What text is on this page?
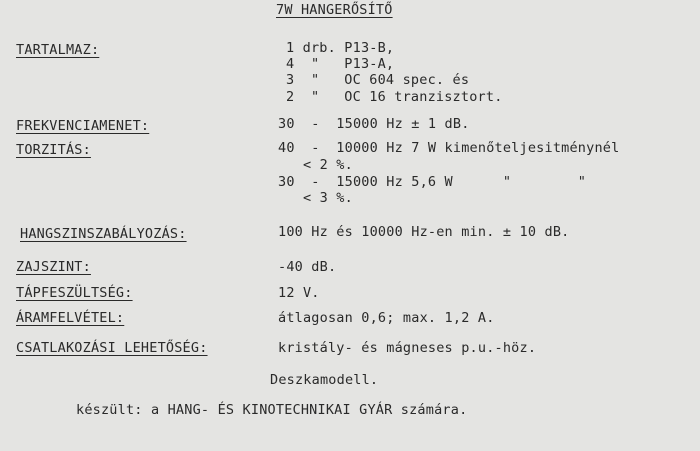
7W HANGERŐSÍTŐ
TARTALMAZ:	1 drb. P13-B,
4  "   P13-A,
3  "   OC 604 spec. és
2  "   OC 16 tranzisztort.
FREKVENCIAMENET:	30  -  15000 Hz ± 1 dB.
TORZITÁS:	40  -  10000 Hz 7 W kimenőteljesitménynél
< 2 %.
30  -  15000 Hz 5,6 W      "        "
< 3 %.
HANGSZINSZABÁLYOZÁS:	100 Hz és 10000 Hz-en min. ± 10 dB.
ZAJSZINT:	-40 dB.
TÁPFESZÜLTSÉG:	12 V.
ÁRAMFELVÉTEL:	átlagosan 0,6; max. 1,2 A.
CSATLAKOZÁSI LEHETŐSÉG:	kristály- és mágneses p.u.-höz.
Deszkamodell.
készült: a HANG- ÉS KINOTECHNIKAI GYÁR számára.
